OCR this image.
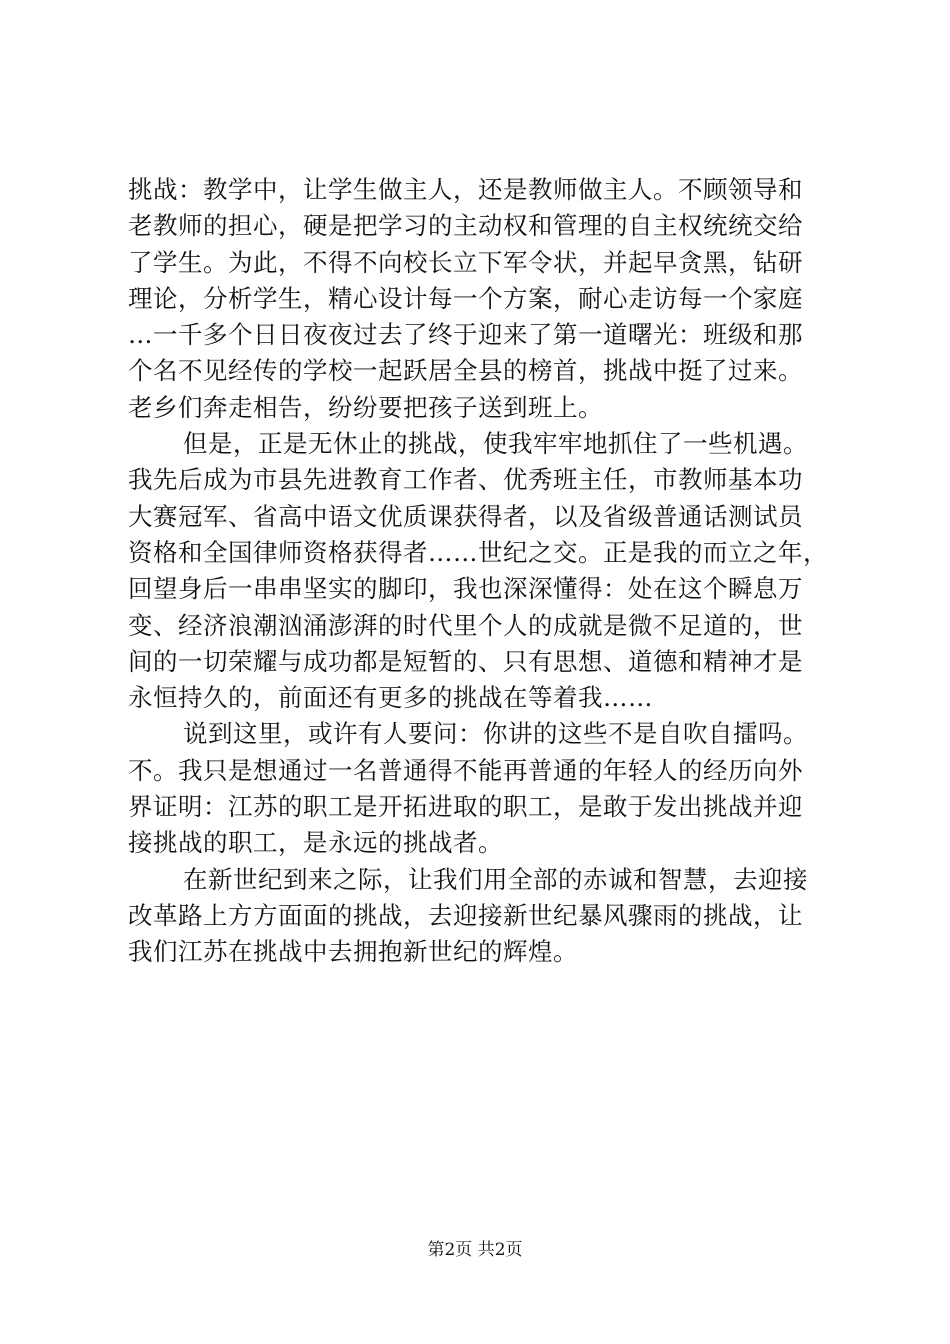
挑战：教学中，让学生做主人，还是教师做主人。不顾领导和
老教师的担心，硬是把学习的主动权和管理的自主权统统交给
了学生。为此，不得不向校长立下军令状，并起早贪黑，钻研
理论，分析学生，精心设计每一个方案，耐心走访每一个家庭
…一千多个日日夜夜过去了终于迎来了第一道曙光：班级和那
个名不见经传的学校一起跃居全县的榜首，挑战中挺了过来。
老乡们奔走相告，纷纷要把孩子送到班上。

但是，正是无休止的挑战，使我牢牢地抓住了一些机遇。
我先后成为市县先进教育工作者、优秀班主任，市教师基本功
大赛冠军、省高中语文优质课获得者，以及省级普通话测试员
资格和全国律师资格获得者……世纪之交。正是我的而立之年，
回望身后一串串坚实的脚印，我也深深懂得：处在这个瞬息万
变、经济浪潮汹涌澎湃的时代里个人的成就是微不足道的，世
间的一切荣耀与成功都是短暂的、只有思想、道德和精神才是
永恒持久的，前面还有更多的挑战在等着我……

说到这里，或许有人要问：你讲的这些不是自吹自擂吗。
不。我只是想通过一名普通得不能再普通的年轻人的经历向外
界证明：江苏的职工是开拓进取的职工，是敢于发出挑战并迎
接挑战的职工，是永远的挑战者。

在新世纪到来之际，让我们用全部的赤诚和智慧，去迎接
改革路上方方面面的挑战，去迎接新世纪暴风骤雨的挑战，让
我们江苏在挑战中去拥抱新世纪的辉煌。

第2页 共2页
